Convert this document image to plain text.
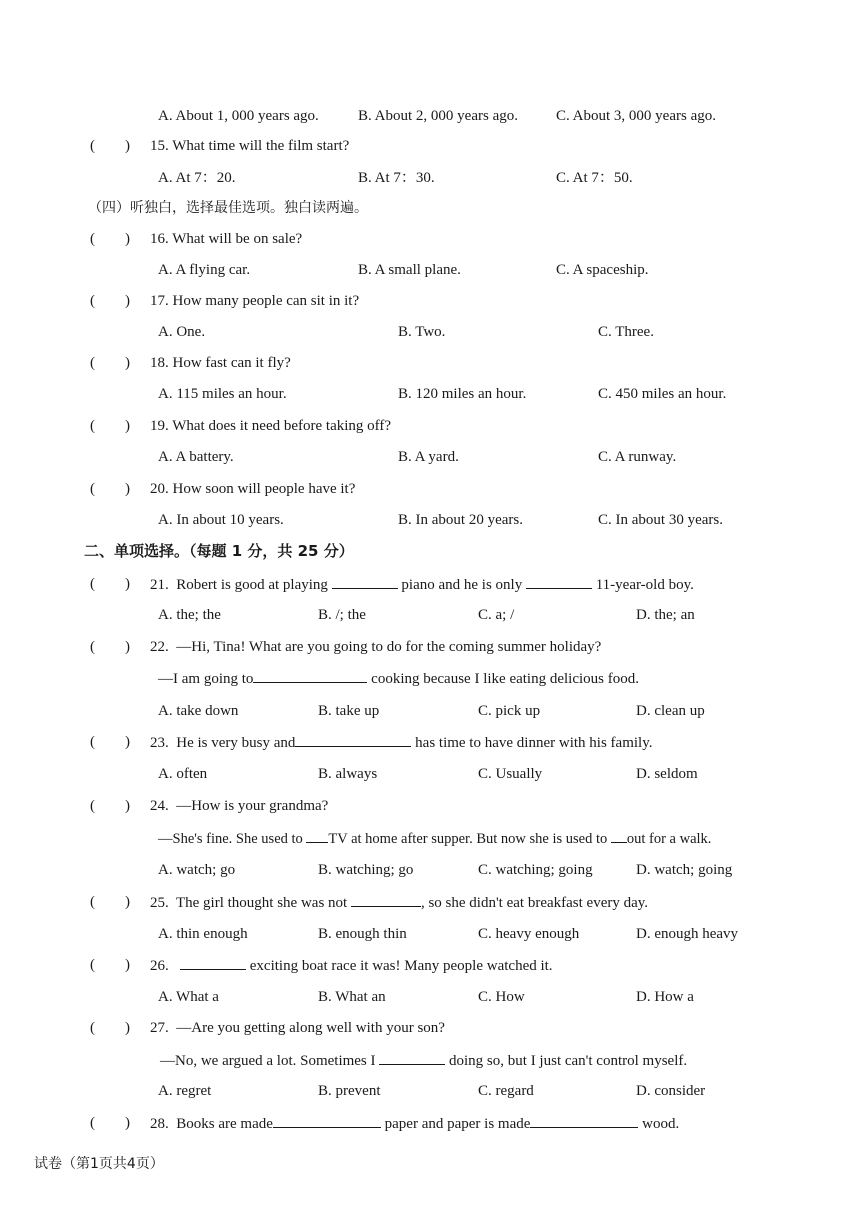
A. About 1, 000 years ago.	B. About 2, 000 years ago.	C. About 3, 000 years ago.
(　　) 15. What time will the film start?
A. At 7：20.	B. At 7：30.	C. At 7：50.
（四）听独白，选择最佳选项。独白读两遍。
(　　) 16. What will be on sale?
A. A flying car.	B. A small plane.	C. A spaceship.
(　　) 17. How many people can sit in it?
A. One.	B. Two.	C. Three.
(　　) 18. How fast can it fly?
A. 115 miles an hour.	B. 120 miles an hour.	C. 450 miles an hour.
(　　) 19. What does it need before taking off?
A. A battery.	B. A yard.	C. A runway.
(　　) 20. How soon will people have it?
A. In about 10 years.	B. In about 20 years.	C. In about 30 years.
二、单项选择。（每题 1 分，共 25 分）
(　　) 21. Robert is good at playing	piano and he is only	11-year-old boy.
A. the; the	B. /; the	C. a; /	D. the; an
(　　) 22. —Hi, Tina! What are you going to do for the coming summer holiday?
—I am going to	cooking because I like eating delicious food.
A. take down	B. take up	C. pick up	D. clean up
(　　) 23. He is very busy and	has time to have dinner with his family.
A. often	B. always	C. Usually	D. seldom
(　　) 24. —How is your grandma?
—She's fine. She used to TV at home after supper. But now she is used to out for a walk.
A. watch; go	B. watching; go	C. watching; going	D. watch; going
(　　) 25. The girl thought she was not	, so she didn't eat breakfast every day.
A. thin enough	B. enough thin	C. heavy enough	D. enough heavy
(　　) 26.	exciting boat race it was! Many people watched it.
A. What a	B. What an	C. How	D. How a
(　　) 27. —Are you getting along well with your son?
—No, we argued a lot. Sometimes I	doing so, but I just can't control myself.
A. regret	B. prevent	C. regard	D. consider
(　　) 28. Books are made	paper and paper is made	wood.
试卷（第1页共4页）
